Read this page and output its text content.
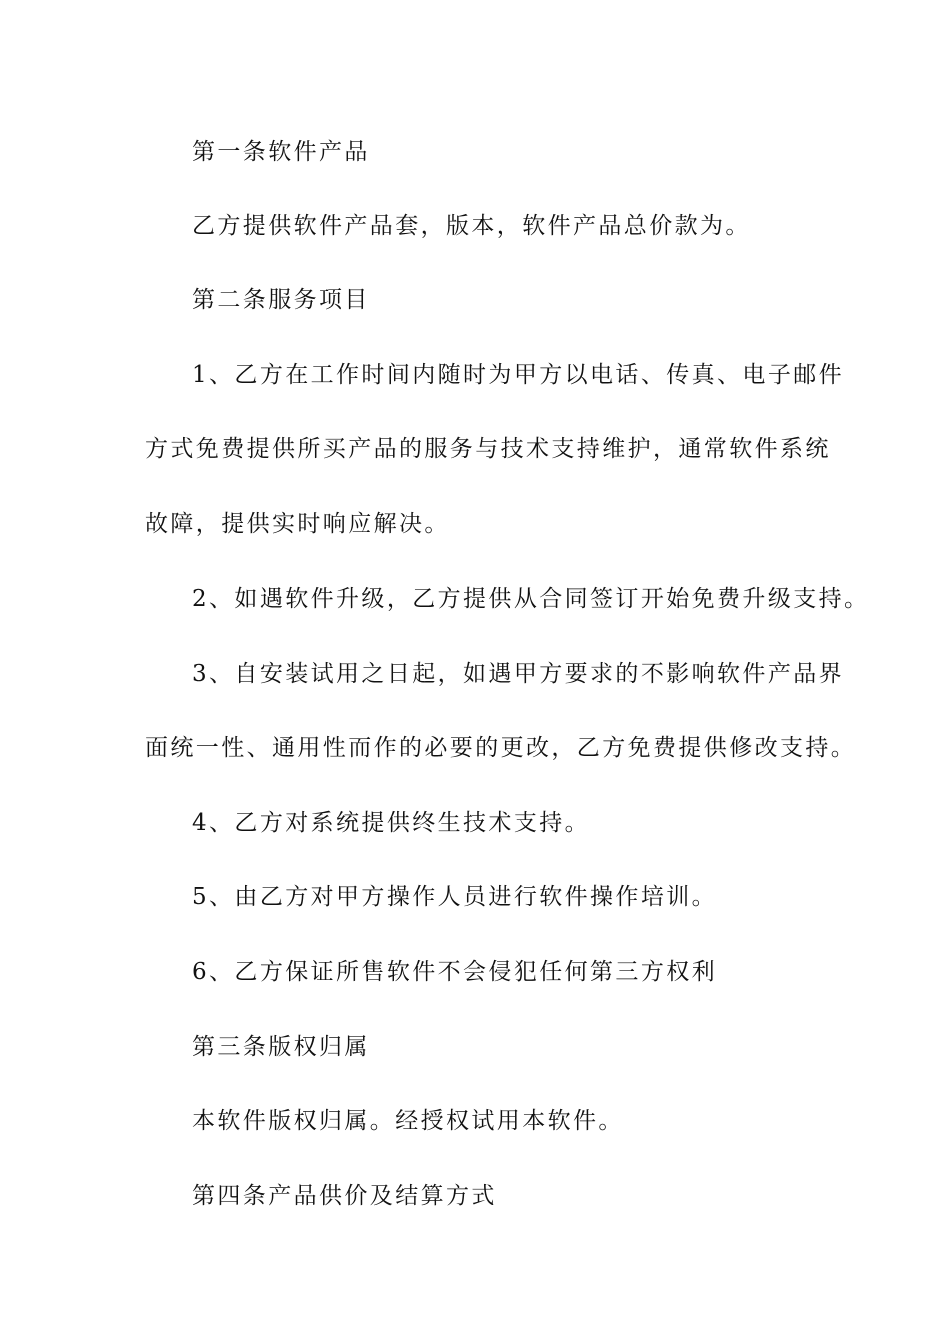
第一条软件产品

乙方提供软件产品套，版本，软件产品总价款为。

第二条服务项目

1、乙方在工作时间内随时为甲方以电话、传真、电子邮件

方式免费提供所买产品的服务与技术支持维护，通常软件系统

故障，提供实时响应解决。

2、如遇软件升级，乙方提供从合同签订开始免费升级支持。

3、自安装试用之日起，如遇甲方要求的不影响软件产品界

面统一性、通用性而作的必要的更改，乙方免费提供修改支持。

4、乙方对系统提供终生技术支持。

5、由乙方对甲方操作人员进行软件操作培训。

6、乙方保证所售软件不会侵犯任何第三方权利

第三条版权归属

本软件版权归属。经授权试用本软件。

第四条产品供价及结算方式
